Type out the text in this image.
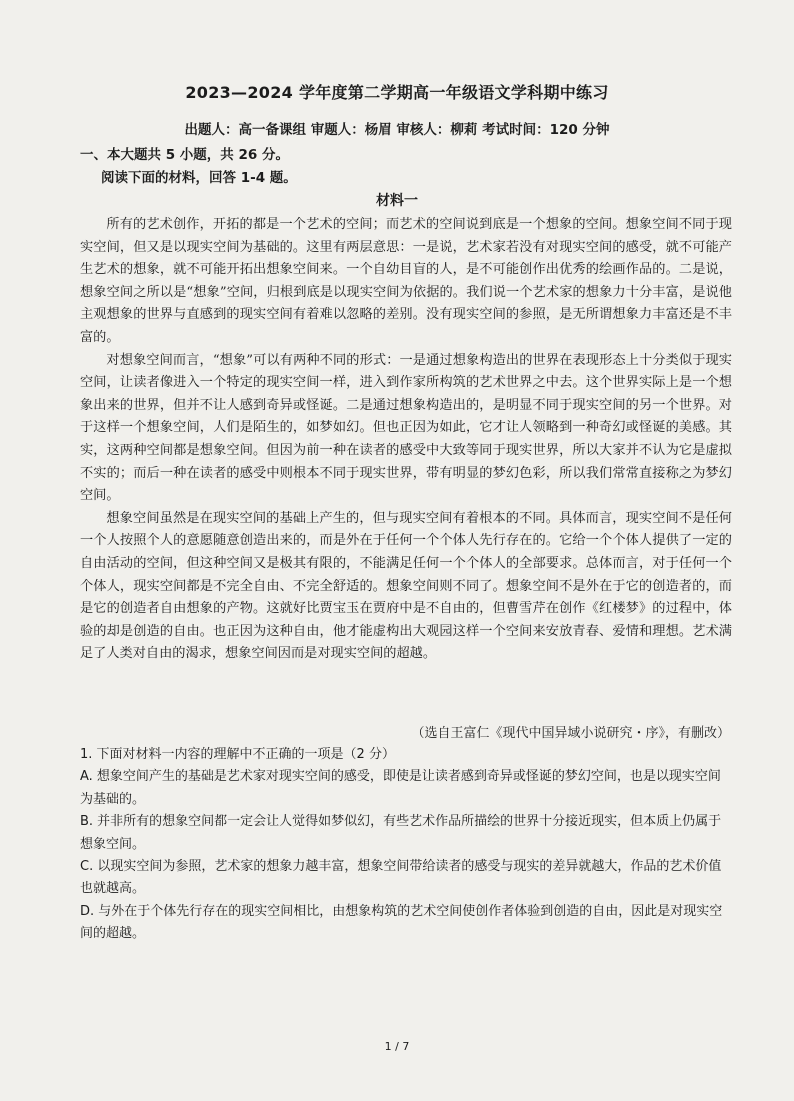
2023—2024 学年度第二学期高一年级语文学科期中练习
出题人：高一备课组 审题人：杨眉 审核人：柳莉 考试时间：120 分钟
一、本大题共 5 小题，共 26 分。
阅读下面的材料，回答 1-4 题。
材料一

所有的艺术创作，开拓的都是一个艺术的空间；而艺术的空间说到底是一个想象的空间。想象空间不同于现实空间，但又是以现实空间为基础的。这里有两层意思：一是说，艺术家若没有对现实空间的感受，就不可能产生艺术的想象，就不可能开拓出想象空间来。一个自幼目盲的人，是不可能创作出优秀的绘画作品的。二是说，想象空间之所以是“想象”空间，归根到底是以现实空间为依据的。我们说一个艺术家的想象力十分丰富，是说他主观想象的世界与直感到的现实空间有着难以忽略的差别。没有现实空间的参照，是无所谓想象力丰富还是不丰富的。

对想象空间而言，“想象”可以有两种不同的形式：一是通过想象构造出的世界在表现形态上十分类似于现实空间，让读者像进入一个特定的现实空间一样，进入到作家所构筑的艺术世界之中去。这个世界实际上是一个想象出来的世界，但并不让人感到奇异或怪诞。二是通过想象构造出的，是明显不同于现实空间的另一个世界。对于这样一个想象空间，人们是陌生的，如梦如幻。但也正因为如此，它才让人领略到一种奇幻或怪诞的美感。其实，这两种空间都是想象空间。但因为前一种在读者的感受中大致等同于现实世界，所以大家并不认为它是虚拟不实的；而后一种在读者的感受中则根本不同于现实世界，带有明显的梦幻色彩，所以我们常常直接称之为梦幻空间。

想象空间虽然是在现实空间的基础上产生的，但与现实空间有着根本的不同。具体而言，现实空间不是任何一个人按照个人的意愿随意创造出来的，而是外在于任何一个个体人先行存在的。它给一个个体人提供了一定的自由活动的空间，但这种空间又是极其有限的，不能满足任何一个个体人的全部要求。总体而言，对于任何一个个体人，现实空间都是不完全自由、不完全舒适的。想象空间则不同了。想象空间不是外在于它的创造者的，而是它的创造者自由想象的产物。这就好比贾宝玉在贾府中是不自由的，但曹雪芹在创作《红楼梦》的过程中，体验的却是创造的自由。也正因为这种自由，他才能虚构出大观园这样一个空间来安放青春、爱情和理想。艺术满足了人类对自由的渴求，想象空间因而是对现实空间的超越。

（选自王富仁《现代中国异域小说研究・序》，有删改）
1. 下面对材料一内容的理解中不正确的一项是（2 分）
A. 想象空间产生的基础是艺术家对现实空间的感受，即使是让读者感到奇异或怪诞的梦幻空间，也是以现实空间为基础的。
B. 并非所有的想象空间都一定会让人觉得如梦似幻，有些艺术作品所描绘的世界十分接近现实，但本质上仍属于想象空间。
C. 以现实空间为参照，艺术家的想象力越丰富，想象空间带给读者的感受与现实的差异就越大，作品的艺术价值也就越高。
D. 与外在于个体先行存在的现实空间相比，由想象构筑的艺术空间使创作者体验到创造的自由，因此是对现实空间的超越。
1 / 7
